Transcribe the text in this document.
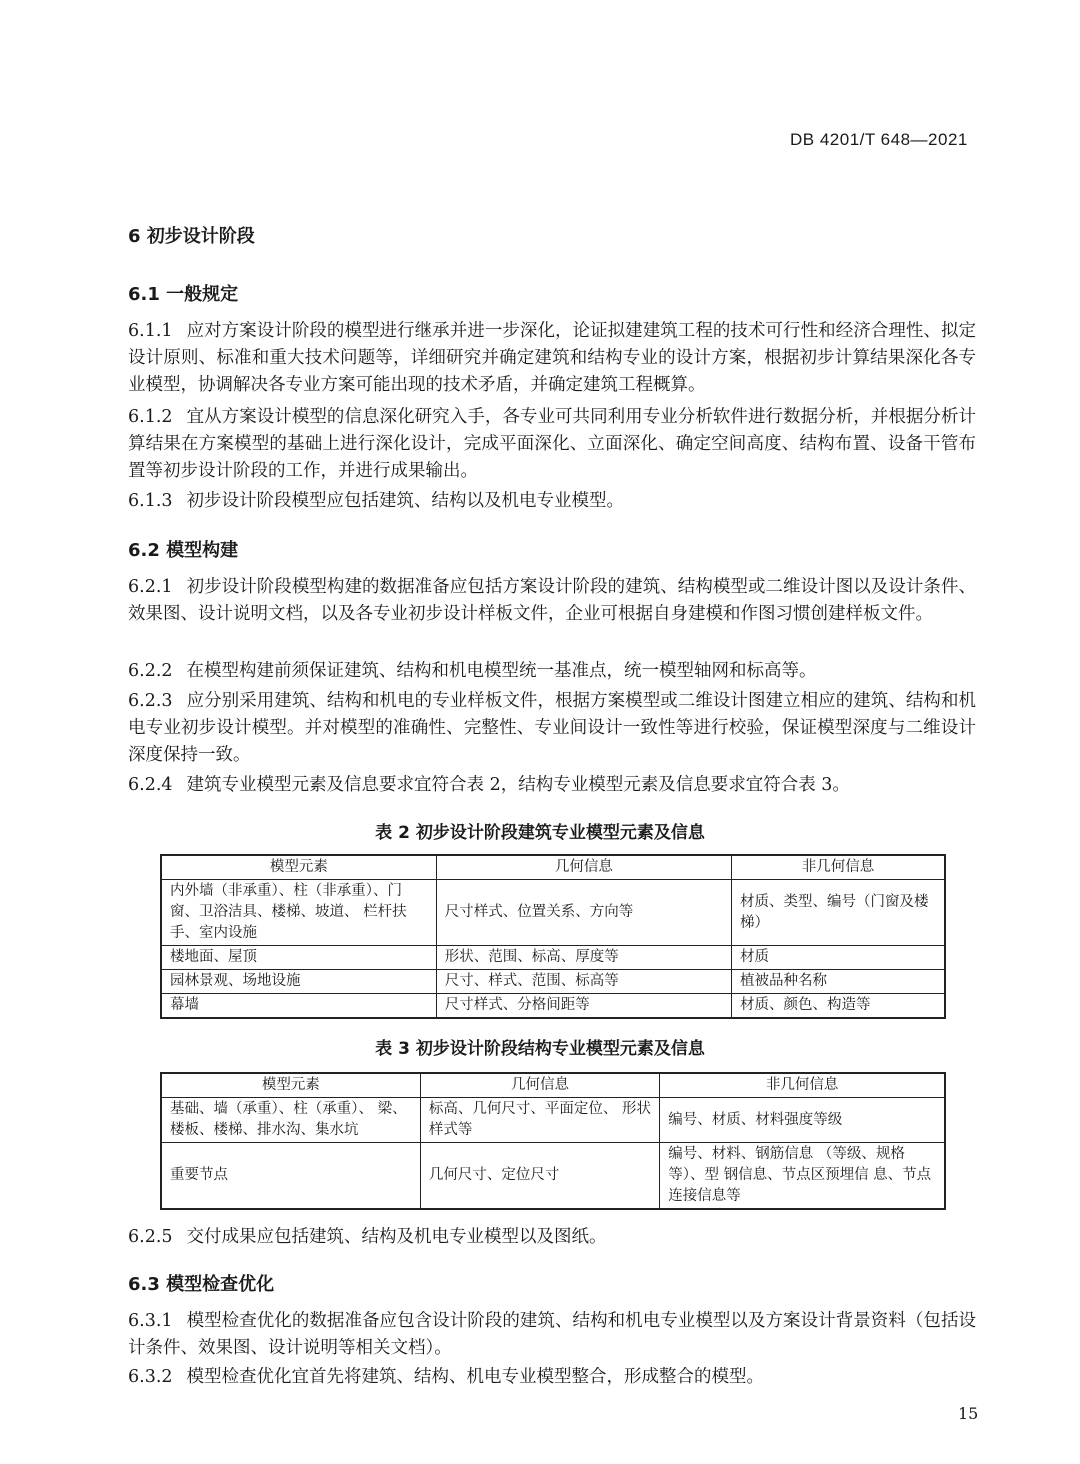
DB 4201/T 648—2021
6 初步设计阶段
6.1 一般规定
6.1.1 应对方案设计阶段的模型进行继承并进一步深化，论证拟建建筑工程的技术可行性和经济合理性、拟定设计原则、标准和重大技术问题等，详细研究并确定建筑和结构专业的设计方案，根据初步计算结果深化各专业模型，协调解决各专业方案可能出现的技术矛盾，并确定建筑工程概算。
6.1.2 宜从方案设计模型的信息深化研究入手，各专业可共同利用专业分析软件进行数据分析，并根据分析计算结果在方案模型的基础上进行深化设计，完成平面深化、立面深化、确定空间高度、结构布置、设备干管布置等初步设计阶段的工作，并进行成果输出。
6.1.3 初步设计阶段模型应包括建筑、结构以及机电专业模型。
6.2 模型构建
6.2.1 初步设计阶段模型构建的数据准备应包括方案设计阶段的建筑、结构模型或二维设计图以及设计条件、效果图、设计说明文档，以及各专业初步设计样板文件，企业可根据自身建模和作图习惯创建样板文件。
6.2.2 在模型构建前须保证建筑、结构和机电模型统一基准点，统一模型轴网和标高等。
6.2.3 应分别采用建筑、结构和机电的专业样板文件，根据方案模型或二维设计图建立相应的建筑、结构和机电专业初步设计模型。并对模型的准确性、完整性、专业间设计一致性等进行校验，保证模型深度与二维设计深度保持一致。
6.2.4 建筑专业模型元素及信息要求宜符合表 2，结构专业模型元素及信息要求宜符合表 3。
表 2 初步设计阶段建筑专业模型元素及信息
模型元素	几何信息	非几何信息
内外墙（非承重）、柱（非承重）、门窗、卫浴洁具、楼梯、坡道、 栏杆扶手、室内设施	尺寸样式、位置关系、方向等	材质、类型、编号（门窗及楼梯）
楼地面、屋顶	形状、范围、标高、厚度等	材质
园林景观、场地设施	尺寸、样式、范围、标高等	植被品种名称
幕墙	尺寸样式、分格间距等	材质、颜色、构造等
表 3 初步设计阶段结构专业模型元素及信息
模型元素	几何信息	非几何信息
基础、墙（承重）、柱（承重）、 梁、楼板、楼梯、排水沟、集水坑	标高、几何尺寸、平面定位、 形状样式等	编号、材质、材料强度等级
重要节点	几何尺寸、定位尺寸	编号、材料、钢筋信息 （等级、规格等）、型 钢信息、节点区预埋信 息、节点连接信息等
6.2.5 交付成果应包括建筑、结构及机电专业模型以及图纸。
6.3 模型检查优化
6.3.1 模型检查优化的数据准备应包含设计阶段的建筑、结构和机电专业模型以及方案设计背景资料（包括设计条件、效果图、设计说明等相关文档）。
6.3.2 模型检查优化宜首先将建筑、结构、机电专业模型整合，形成整合的模型。
15
